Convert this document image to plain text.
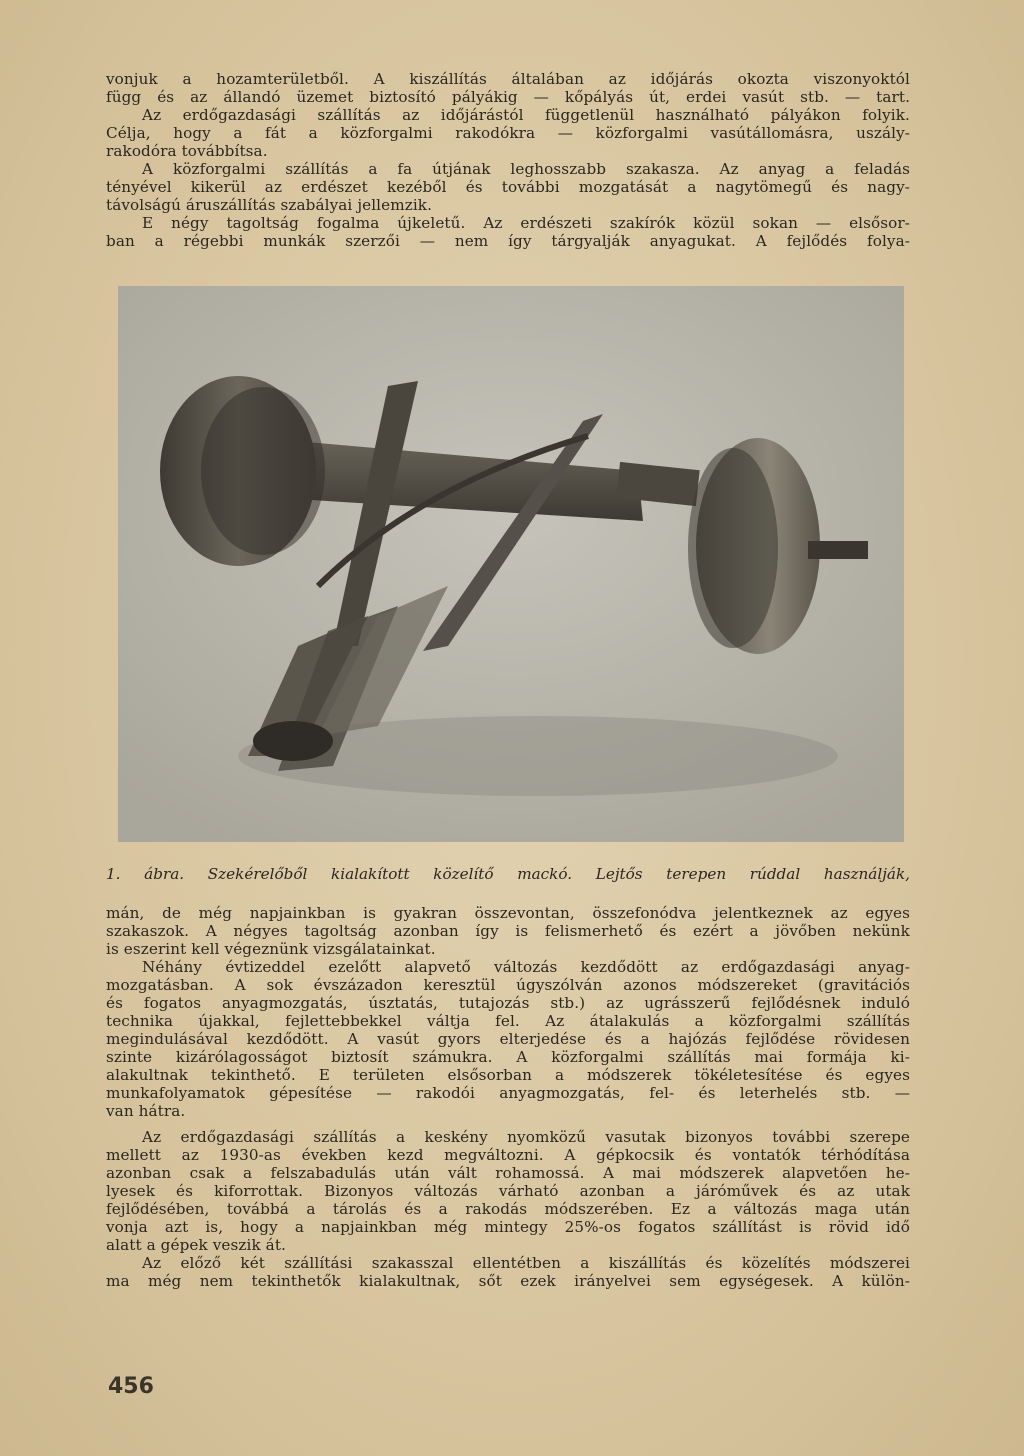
vonjuk a hozamterületből. A kiszállítás általában az időjárás okozta viszonyoktól
függ és az állandó üzemet biztosító pályákig — kőpályás út, erdei vasút stb. — tart.
Az erdőgazdasági szállítás az időjárástól függetlenül használható pályákon folyik.
Célja, hogy a fát a közforgalmi rakodókra — közforgalmi vasútállomásra, uszály-
rakodóra továbbítsa.
A közforgalmi szállítás a fa útjának leghosszabb szakasza. Az anyag a feladás
tényével kikerül az erdészet kezéből és további mozgatását a nagytömegű és nagy-
távolságú áruszállítás szabályai jellemzik.
E négy tagoltság fogalma újkeletű. Az erdészeti szakírók közül sokan — elsősor-
ban a régebbi munkák szerzői — nem így tárgyalják anyagukat. A fejlődés folya-
1. ábra. Szekérelőből kialakított közelítő mackó. Lejtős terepen rúddal használják,
mán, de még napjainkban is gyakran összevontan, összefonódva jelentkeznek az egyes
szakaszok. A négyes tagoltság azonban így is felismerhető és ezért a jövőben nekünk
is eszerint kell végeznünk vizsgálatainkat.
Néhány évtizeddel ezelőtt alapvető változás kezdődött az erdőgazdasági anyag-
mozgatásban. A sok évszázadon keresztül úgyszólván azonos módszereket (gravitációs
és fogatos anyagmozgatás, úsztatás, tutajozás stb.) az ugrásszerű fejlődésnek induló
technika újakkal, fejlettebbekkel váltja fel. Az átalakulás a közforgalmi szállítás
megindulásával kezdődött. A vasút gyors elterjedése és a hajózás fejlődése rövidesen
szinte kizárólagosságot biztosít számukra. A közforgalmi szállítás mai formája ki-
alakultnak tekinthető. E területen elsősorban a módszerek tökéletesítése és egyes
munkafolyamatok gépesítése — rakodói anyagmozgatás, fel- és leterhelés stb. —
van hátra.
Az erdőgazdasági szállítás a keskény nyomközű vasutak bizonyos további szerepe
mellett az 1930-as években kezd megváltozni. A gépkocsik és vontatók térhódítása
azonban csak a felszabadulás után vált rohamossá. A mai módszerek alapvetően he-
lyesek és kiforrottak. Bizonyos változás várható azonban a járóművek és az utak
fejlődésében, továbbá a tárolás és a rakodás módszerében. Ez a változás maga után
vonja azt is, hogy a napjainkban még mintegy 25%-os fogatos szállítást is rövid idő
alatt a gépek veszik át.
Az előző két szállítási szakasszal ellentétben a kiszállítás és közelítés módszerei
ma még nem tekinthetők kialakultnak, sőt ezek irányelvei sem egységesek. A külön-
456
